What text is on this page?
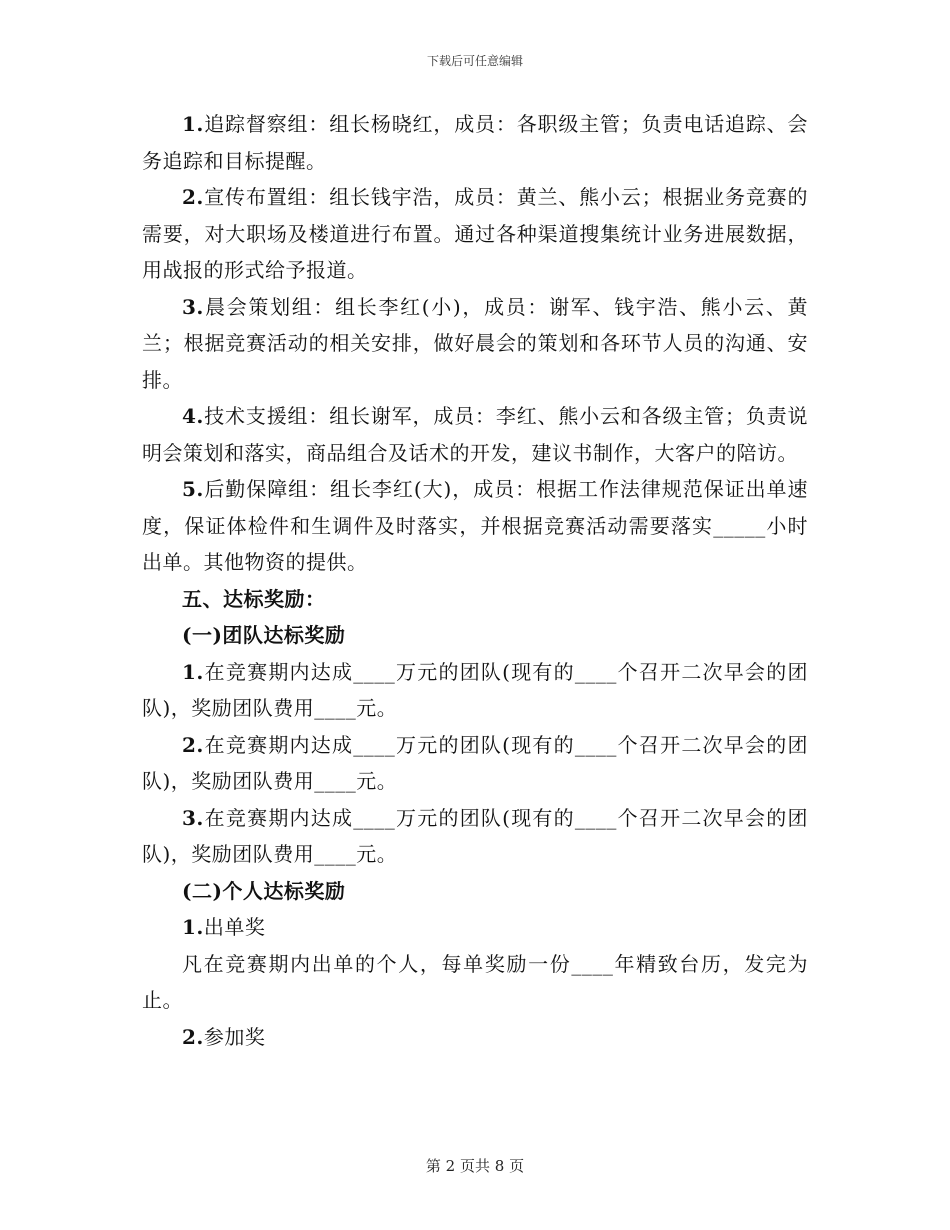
下载后可任意编辑

1.追踪督察组：组长杨晓红，成员：各职级主管；负责电话追踪、会务追踪和目标提醒。

2.宣传布置组：组长钱宇浩，成员：黄兰、熊小云；根据业务竞赛的需要，对大职场及楼道进行布置。通过各种渠道搜集统计业务进展数据，用战报的形式给予报道。

3.晨会策划组：组长李红(小)，成员：谢军、钱宇浩、熊小云、黄兰；根据竞赛活动的相关安排，做好晨会的策划和各环节人员的沟通、安排。

4.技术支援组：组长谢军，成员：李红、熊小云和各级主管；负责说明会策划和落实，商品组合及话术的开发，建议书制作，大客户的陪访。

5.后勤保障组：组长李红(大)，成员：根据工作法律规范保证出单速度，保证体检件和生调件及时落实，并根据竞赛活动需要落实_____小时出单。其他物资的提供。

五、达标奖励：

(一)团队达标奖励

1.在竞赛期内达成____万元的团队(现有的____个召开二次早会的团队)，奖励团队费用____元。

2.在竞赛期内达成____万元的团队(现有的____个召开二次早会的团队)，奖励团队费用____元。

3.在竞赛期内达成____万元的团队(现有的____个召开二次早会的团队)，奖励团队费用____元。

(二)个人达标奖励

1.出单奖

凡在竞赛期内出单的个人，每单奖励一份____年精致台历，发完为止。

2.参加奖

第 2 页共 8 页
